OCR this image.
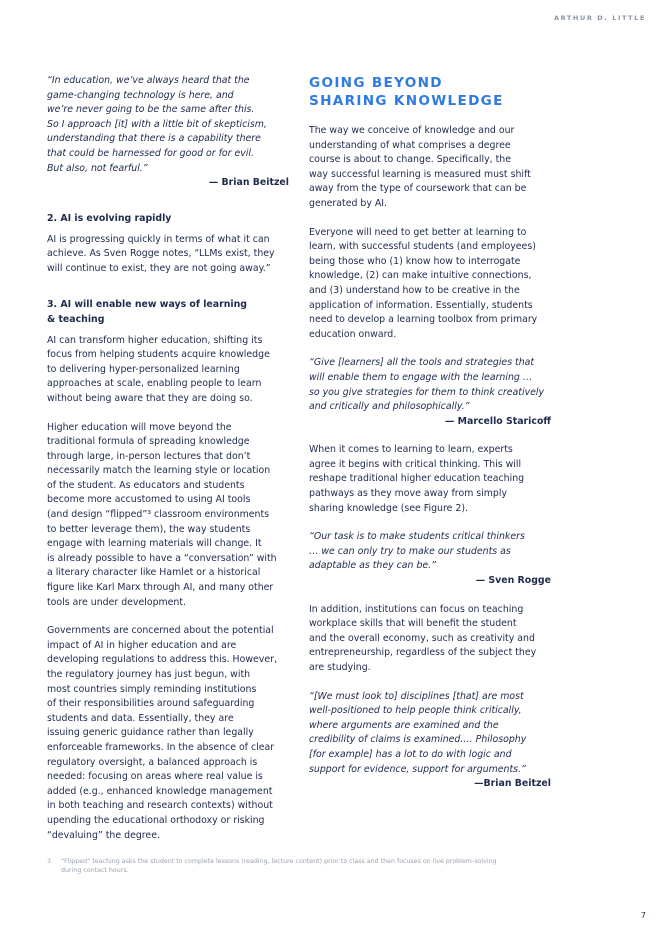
ARTHUR D. LITTLE

“In education, we’ve always heard that the
game-changing technology is here, and
we’re never going to be the same after this.
So I approach [it] with a little bit of skepticism,
understanding that there is a capability there
that could be harnessed for good or for evil.
But also, not fearful.”

— Brian Beitzel

2. AI is evolving rapidly

AI is progressing quickly in terms of what it can
achieve. As Sven Rogge notes, “LLMs exist, they
will continue to exist, they are not going away.”

3. AI will enable new ways of learning
& teaching

AI can transform higher education, shifting its
focus from helping students acquire knowledge
to delivering hyper-personalized learning
approaches at scale, enabling people to learn
without being aware that they are doing so.

Higher education will move beyond the
traditional formula of spreading knowledge
through large, in-person lectures that don’t
necessarily match the learning style or location
of the student. As educators and students
become more accustomed to using AI tools
(and design “flipped”³ classroom environments
to better leverage them), the way students
engage with learning materials will change. It
is already possible to have a “conversation” with
a literary character like Hamlet or a historical
figure like Karl Marx through AI, and many other
tools are under development.

Governments are concerned about the potential
impact of AI in higher education and are
developing regulations to address this. However,
the regulatory journey has just begun, with
most countries simply reminding institutions
of their responsibilities around safeguarding
students and data. Essentially, they are
issuing generic guidance rather than legally
enforceable frameworks. In the absence of clear
regulatory oversight, a balanced approach is
needed: focusing on areas where real value is
added (e.g., enhanced knowledge management
in both teaching and research contexts) without
upending the educational orthodoxy or risking
“devaluing” the degree.

GOING BEYOND
SHARING KNOWLEDGE

The way we conceive of knowledge and our
understanding of what comprises a degree
course is about to change. Specifically, the
way successful learning is measured must shift
away from the type of coursework that can be
generated by AI.

Everyone will need to get better at learning to
learn, with successful students (and employees)
being those who (1) know how to interrogate
knowledge, (2) can make intuitive connections,
and (3) understand how to be creative in the
application of information. Essentially, students
need to develop a learning toolbox from primary
education onward.

“Give [learners] all the tools and strategies that
will enable them to engage with the learning …
so you give strategies for them to think creatively
and critically and philosophically.”

— Marcello Staricoff

When it comes to learning to learn, experts
agree it begins with critical thinking. This will
reshape traditional higher education teaching
pathways as they move away from simply
sharing knowledge (see Figure 2).

“Our task is to make students critical thinkers
… we can only try to make our students as
adaptable as they can be.”

— Sven Rogge

In addition, institutions can focus on teaching
workplace skills that will benefit the student
and the overall economy, such as creativity and
entrepreneurship, regardless of the subject they
are studying.

“[We must look to] disciplines [that] are most
well-positioned to help people think critically,
where arguments are examined and the
credibility of claims is examined.… Philosophy
[for example] has a lot to do with logic and
support for evidence, support for arguments.”

—Brian Beitzel

3 “Flipped” teaching asks the student to complete lessons (reading, lecture content) prior to class and then focuses on live problem-solving
during contact hours.
7
